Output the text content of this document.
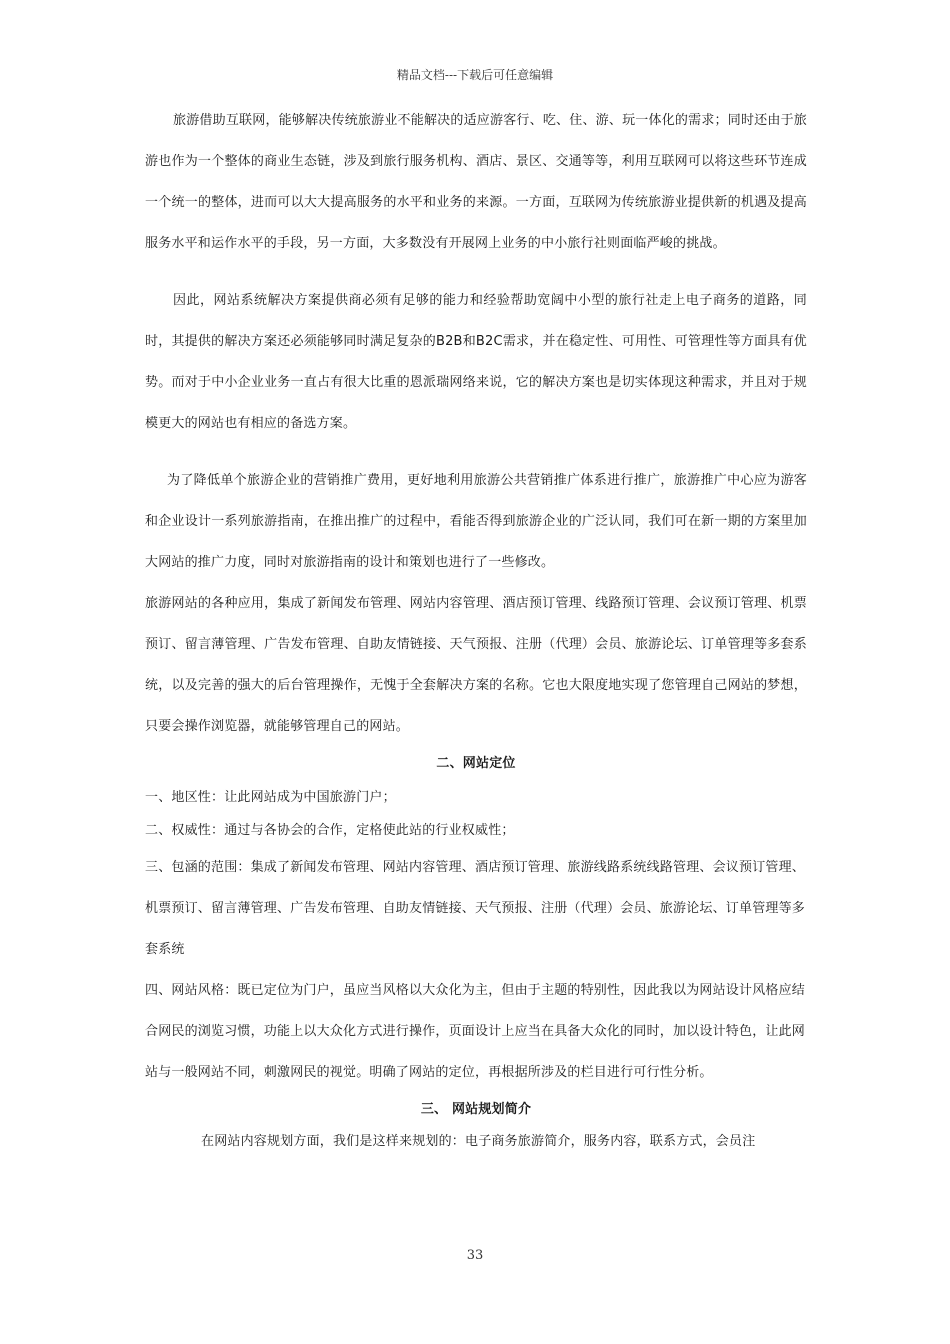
精品文档---下载后可任意编辑

旅游借助互联网，能够解决传统旅游业不能解决的适应游客行、吃、住、游、玩一体化的需求；同时还由于旅游也作为一个整体的商业生态链，涉及到旅行服务机构、酒店、景区、交通等等，利用互联网可以将这些环节连成一个统一的整体，进而可以大大提高服务的水平和业务的来源。一方面，互联网为传统旅游业提供新的机遇及提高服务水平和运作水平的手段，另一方面，大多数没有开展网上业务的中小旅行社则面临严峻的挑战。

因此，网站系统解决方案提供商必须有足够的能力和经验帮助宽阔中小型的旅行社走上电子商务的道路，同时，其提供的解决方案还必须能够同时满足复杂的B2B和B2C需求，并在稳定性、可用性、可管理性等方面具有优势。而对于中小企业业务一直占有很大比重的恩派瑞网络来说，它的解决方案也是切实体现这种需求，并且对于规模更大的网站也有相应的备选方案。

为了降低单个旅游企业的营销推广费用，更好地利用旅游公共营销推广体系进行推广，旅游推广中心应为游客和企业设计一系列旅游指南，在推出推广的过程中，看能否得到旅游企业的广泛认同，我们可在新一期的方案里加大网站的推广力度，同时对旅游指南的设计和策划也进行了一些修改。

旅游网站的各种应用，集成了新闻发布管理、网站内容管理、酒店预订管理、线路预订管理、会议预订管理、机票预订、留言薄管理、广告发布管理、自助友情链接、天气预报、注册（代理）会员、旅游论坛、订单管理等多套系统，以及完善的强大的后台管理操作，无愧于全套解决方案的名称。它也大限度地实现了您管理自己网站的梦想，只要会操作浏览器，就能够管理自己的网站。

二、网站定位

一、地区性：让此网站成为中国旅游门户；

二、权威性：通过与各协会的合作，定格使此站的行业权威性；

三、包涵的范围：集成了新闻发布管理、网站内容管理、酒店预订管理、旅游线路系统线路管理、会议预订管理、机票预订、留言薄管理、广告发布管理、自助友情链接、天气预报、注册（代理）会员、旅游论坛、订单管理等多套系统

四、网站风格：既已定位为门户，虽应当风格以大众化为主，但由于主题的特别性，因此我以为网站设计风格应结合网民的浏览习惯，功能上以大众化方式进行操作，页面设计上应当在具备大众化的同时，加以设计特色，让此网站与一般网站不同，刺激网民的视觉。明确了网站的定位，再根据所涉及的栏目进行可行性分析。

三、 网站规划简介

在网站内容规划方面，我们是这样来规划的：电子商务旅游简介，服务内容，联系方式，会员注

33
